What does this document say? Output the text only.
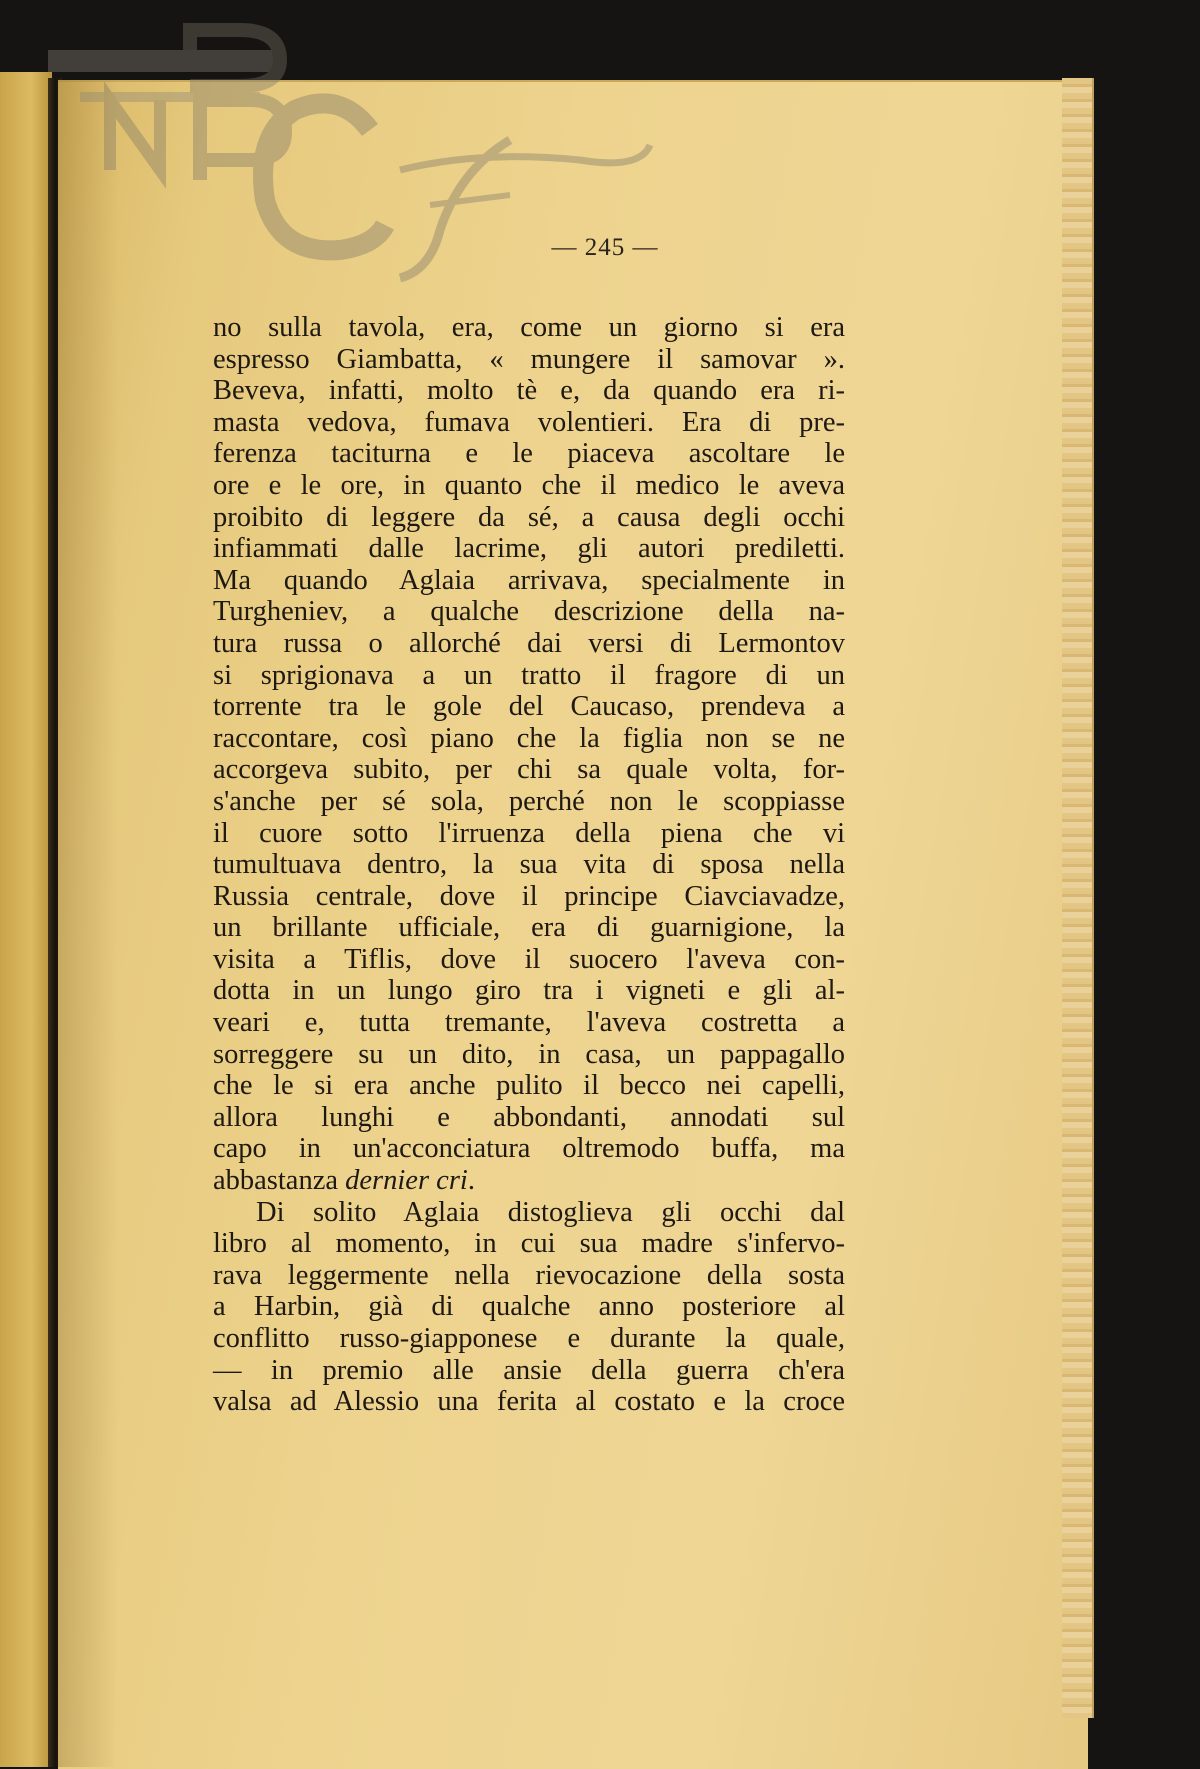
— 245 —
no sulla tavola, era, come un giorno si era
espresso Giambatta, « mungere il samovar ».
Beveva, infatti, molto tè e, da quando era ri-
masta vedova, fumava volentieri. Era di pre-
ferenza taciturna e le piaceva ascoltare le
ore e le ore, in quanto che il medico le aveva
proibito di leggere da sé, a causa degli occhi
infiammati dalle lacrime, gli autori prediletti.
Ma quando Aglaia arrivava, specialmente in
Turgheniev, a qualche descrizione della na-
tura russa o allorché dai versi di Lermontov
si sprigionava a un tratto il fragore di un
torrente tra le gole del Caucaso, prendeva a
raccontare, così piano che la figlia non se ne
accorgeva subito, per chi sa quale volta, for-
s'anche per sé sola, perché non le scoppiasse
il cuore sotto l'irruenza della piena che vi
tumultuava dentro, la sua vita di sposa nella
Russia centrale, dove il principe Ciavciavadze,
un brillante ufficiale, era di guarnigione, la
visita a Tiflis, dove il suocero l'aveva con-
dotta in un lungo giro tra i vigneti e gli al-
veari e, tutta tremante, l'aveva costretta a
sorreggere su un dito, in casa, un pappagallo
che le si era anche pulito il becco nei capelli,
allora lunghi e abbondanti, annodati sul
capo in un'acconciatura oltremodo buffa, ma
abbastanza dernier cri.
Di solito Aglaia distoglieva gli occhi dal
libro al momento, in cui sua madre s'infervo-
rava leggermente nella rievocazione della sosta
a Harbin, già di qualche anno posteriore al
conflitto russo-giapponese e durante la quale,
— in premio alle ansie della guerra ch'era
valsa ad Alessio una ferita al costato e la croce
